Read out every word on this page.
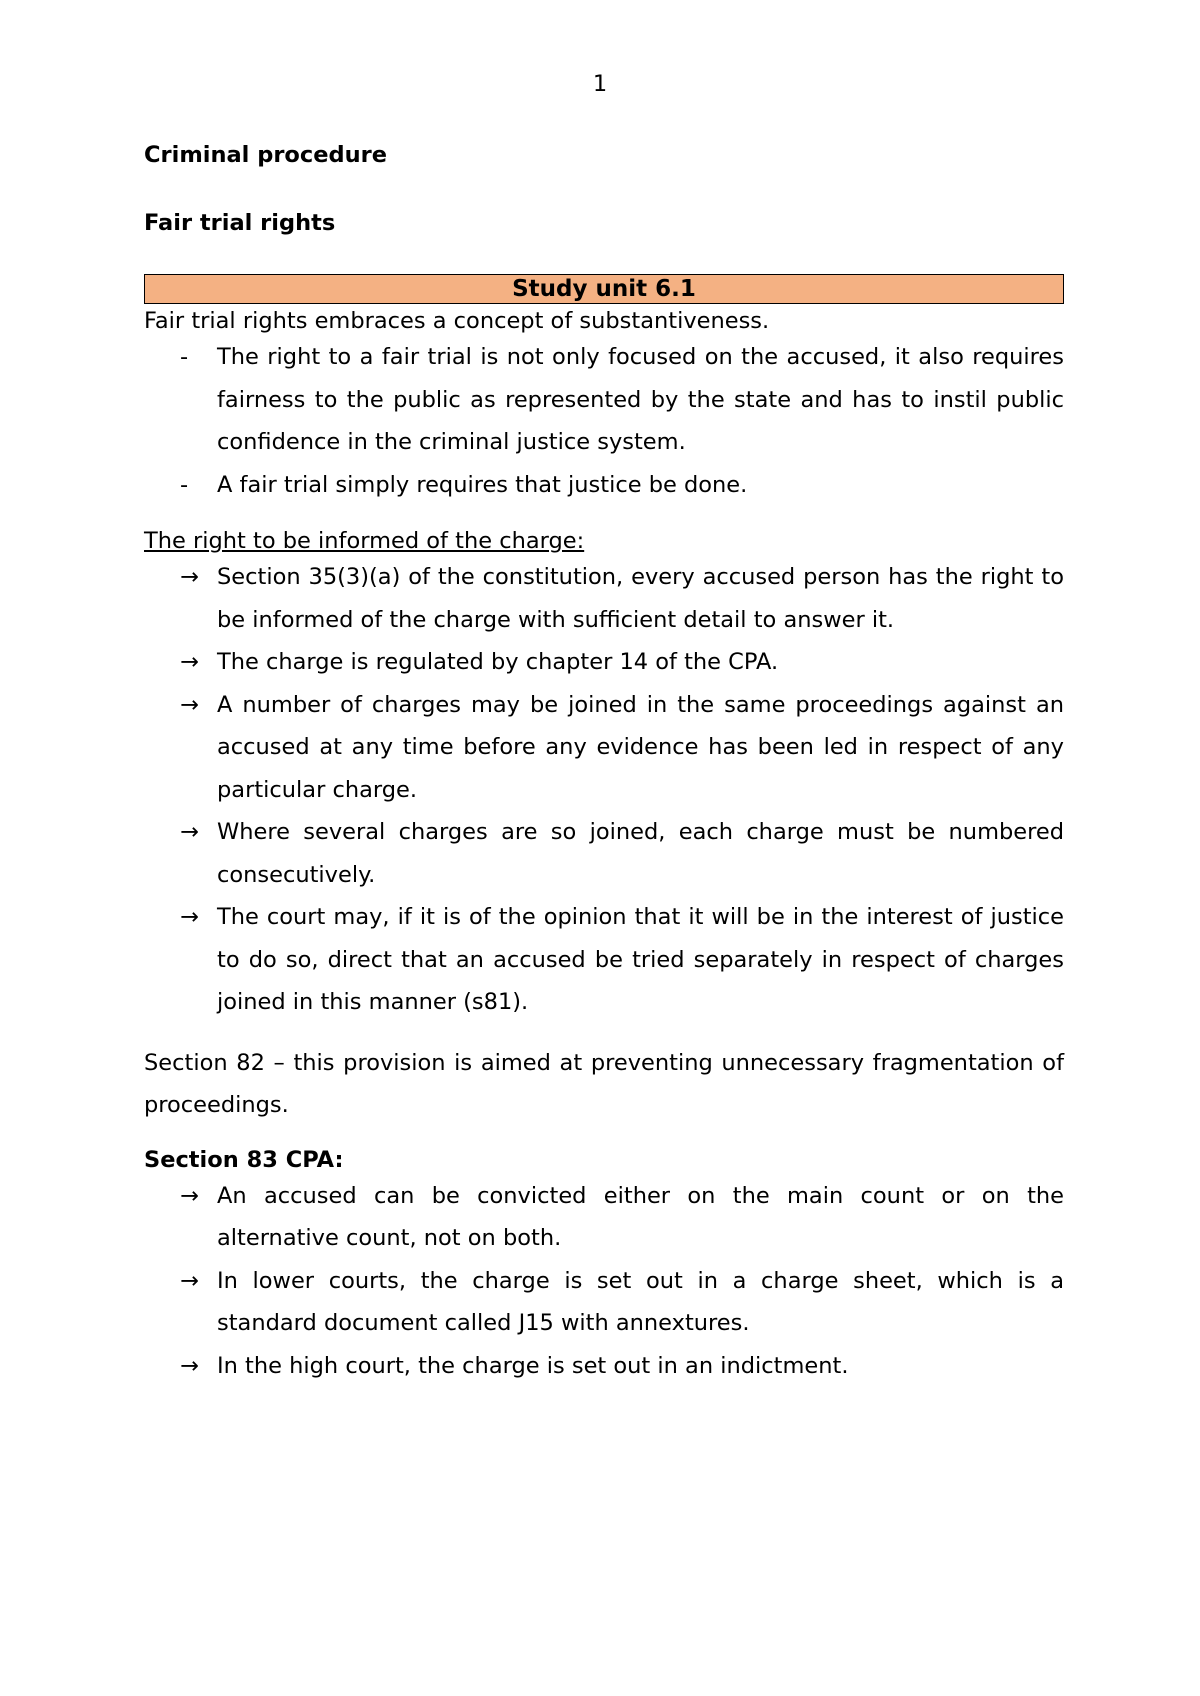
1
Criminal procedure
Fair trial rights
Study unit 6.1
Fair trial rights embraces a concept of substantiveness.
- The right to a fair trial is not only focused on the accused, it also requires fairness to the public as represented by the state and has to instil public confidence in the criminal justice system.
- A fair trial simply requires that justice be done.
The right to be informed of the charge:
→ Section 35(3)(a) of the constitution, every accused person has the right to be informed of the charge with sufficient detail to answer it.
→ The charge is regulated by chapter 14 of the CPA.
→ A number of charges may be joined in the same proceedings against an accused at any time before any evidence has been led in respect of any particular charge.
→ Where several charges are so joined, each charge must be numbered consecutively.
→ The court may, if it is of the opinion that it will be in the interest of justice to do so, direct that an accused be tried separately in respect of charges joined in this manner (s81).
Section 82 – this provision is aimed at preventing unnecessary fragmentation of proceedings.
Section 83 CPA:
→ An accused can be convicted either on the main count or on the alternative count, not on both.
→ In lower courts, the charge is set out in a charge sheet, which is a standard document called J15 with annextures.
→ In the high court, the charge is set out in an indictment.
